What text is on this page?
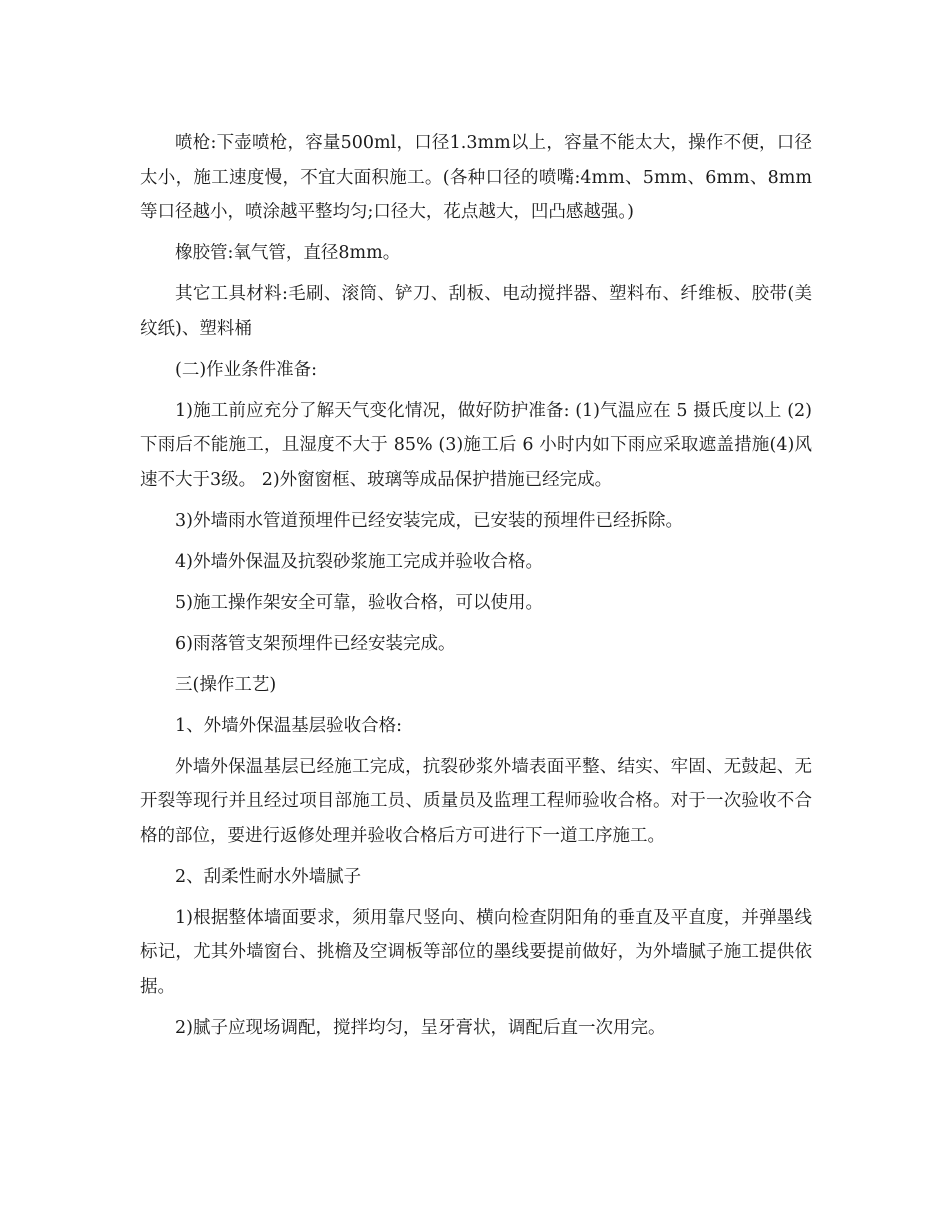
喷枪:下壶喷枪，容量500ml，口径1.3mm以上，容量不能太大，操作不便，口径太小，施工速度慢，不宜大面积施工。(各种口径的喷嘴:4mm、5mm、6mm、8mm等口径越小，喷涂越平整均匀;口径大，花点越大，凹凸感越强。)

橡胶管:氧气管，直径8mm。

其它工具材料:毛刷、滚筒、铲刀、刮板、电动搅拌器、塑料布、纤维板、胶带(美纹纸)、塑料桶

(二)作业条件准备:

1)施工前应充分了解天气变化情况，做好防护准备: (1)气温应在 5 摄氏度以上 (2)下雨后不能施工，且湿度不大于 85% (3)施工后 6 小时内如下雨应采取遮盖措施(4)风速不大于3级。 2)外窗窗框、玻璃等成品保护措施已经完成。

3)外墙雨水管道预埋件已经安装完成，已安装的预埋件已经拆除。

4)外墙外保温及抗裂砂浆施工完成并验收合格。

5)施工操作架安全可靠，验收合格，可以使用。

6)雨落管支架预埋件已经安装完成。

三(操作工艺)

1、外墙外保温基层验收合格:

外墙外保温基层已经施工完成，抗裂砂浆外墙表面平整、结实、牢固、无鼓起、无开裂等现行并且经过项目部施工员、质量员及监理工程师验收合格。对于一次验收不合格的部位，要进行返修处理并验收合格后方可进行下一道工序施工。

2、刮柔性耐水外墙腻子

1)根据整体墙面要求，须用靠尺竖向、横向检查阴阳角的垂直及平直度，并弹墨线标记，尤其外墙窗台、挑檐及空调板等部位的墨线要提前做好，为外墙腻子施工提供依据。

2)腻子应现场调配，搅拌均匀，呈牙膏状，调配后直一次用完。
